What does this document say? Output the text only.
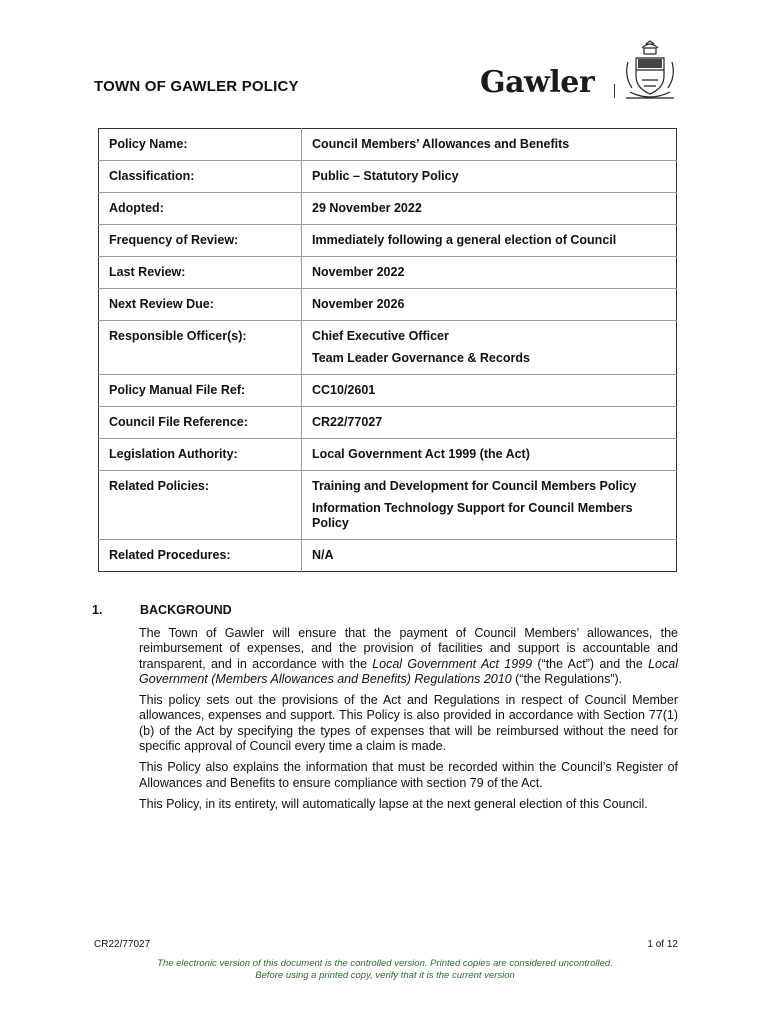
TOWN OF GAWLER POLICY	Gawler
Policy Name:	Council Members’ Allowances and Benefits

Classification:	Public – Statutory Policy

Adopted:	29 November 2022

Frequency of Review:	Immediately following a general election of Council

Last Review:	November 2022

Next Review Due:	November 2026

Responsible Officer(s):	Chief Executive Officer
Team Leader Governance & Records

Policy Manual File Ref:	CC10/2601

Council File Reference:	CR22/77027

Legislation Authority:	Local Government Act 1999 (the Act)

Related Policies:	Training and Development for Council Members Policy
Information Technology Support for Council Members Policy

Related Procedures:	N/A
1.	BACKGROUND

The Town of Gawler will ensure that the payment of Council Members’ allowances, the reimbursement of expenses, and the provision of facilities and support is accountable and transparent, and in accordance with the Local Government Act 1999 (“the Act”) and the Local Government (Members Allowances and Benefits) Regulations 2010 (“the Regulations”).

This policy sets out the provisions of the Act and Regulations in respect of Council Member allowances, expenses and support. This Policy is also provided in accordance with Section 77(1)(b) of the Act by specifying the types of expenses that will be reimbursed without the need for specific approval of Council every time a claim is made.

This Policy also explains the information that must be recorded within the Council’s Register of Allowances and Benefits to ensure compliance with section 79 of the Act.

This Policy, in its entirety, will automatically lapse at the next general election of this Council.

CR22/77027	1 of 12
The electronic version of this document is the controlled version. Printed copies are considered uncontrolled.
Before using a printed copy, verify that it is the current version
